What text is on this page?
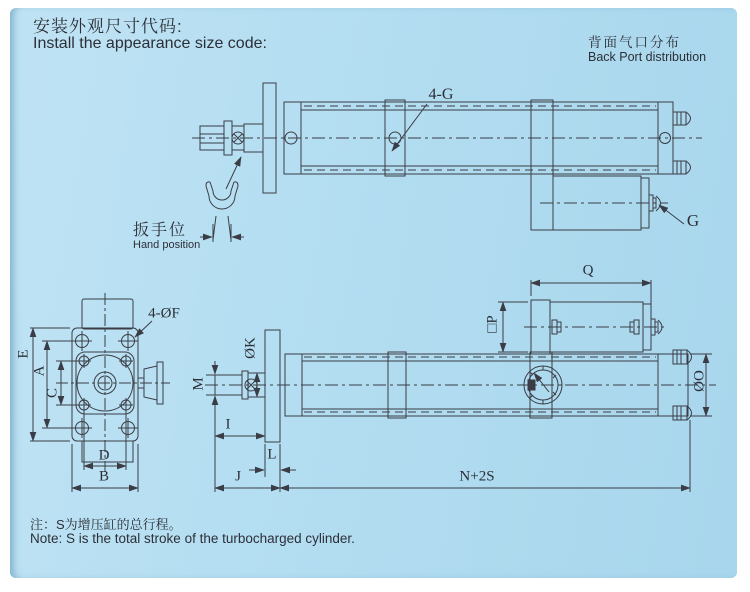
安装外观尺寸代码:
Install the appearance size code:	背面气口分布
Back Port distribution
4-G
G
扳手位
Hand position
4-ØF
E
A
C
D
B
ØK
M
I
L
J	N+2S
Q
□P
ØO
注：S为增压缸的总行程。
Note: S is the total stroke of the turbocharged cylinder.
